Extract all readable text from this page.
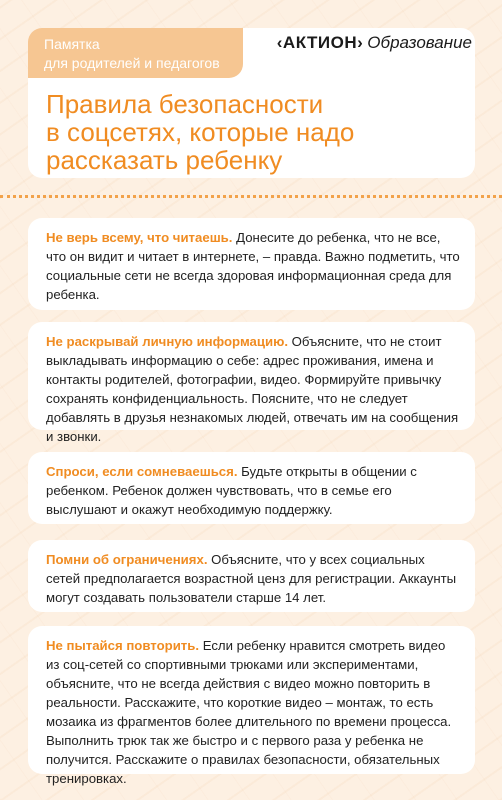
Памятка
для родителей и педагогов
‹АКТИОН› Образование
Правила безопасности
в соцсетях, которые надо
рассказать ребенку

Не верь всему, что читаешь. Донесите до ребенка, что не все, что он видит и читает в интернете, – правда. Важно подметить, что социальные сети не всегда здоровая информационная среда для ребенка.

Не раскрывай личную информацию. Объясните, что не стоит выкладывать информацию о себе: адрес проживания, имена и контакты родителей, фотографии, видео. Формируйте привычку сохранять конфиденциальность. Поясните, что не следует добавлять в друзья незнакомых людей, отвечать им на сообщения и звонки.

Спроси, если сомневаешься. Будьте открыты в общении с ребенком. Ребенок должен чувствовать, что в семье его выслушают и окажут необходимую поддержку.

Помни об ограничениях. Объясните, что у всех социальных сетей предполагается возрастной ценз для регистрации. Аккаунты могут создавать пользователи старше 14 лет.

Не пытайся повторить. Если ребенку нравится смотреть видео из соц-сетей со спортивными трюками или экспериментами, объясните, что не всегда действия с видео можно повторить в реальности. Расскажите, что короткие видео – монтаж, то есть мозаика из фрагментов более длительного по времени процесса. Выполнить трюк так же быстро и с первого раза у ребенка не получится. Расскажите о правилах безопасности, обязательных тренировках.
